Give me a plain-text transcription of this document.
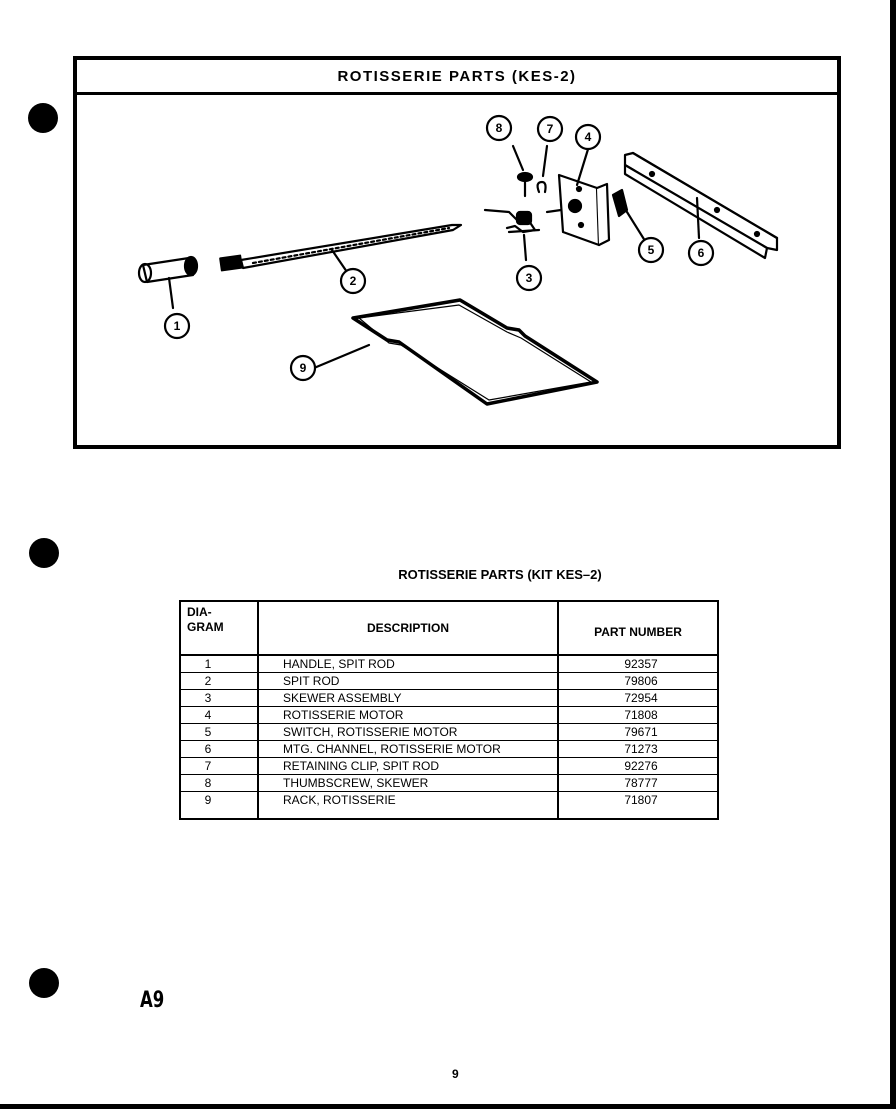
ROTISSERIE PARTS (KES-2)
1
2	3
4
5	6
7
8
9
ROTISSERIE PARTS (KIT KES–2)
DIA-
GRAM	DESCRIPTION	PART NUMBER
1	HANDLE, SPIT ROD	92357
2	SPIT ROD	79806
3	SKEWER ASSEMBLY	72954
4	ROTISSERIE MOTOR	71808
5	SWITCH, ROTISSERIE MOTOR	79671
6	MTG. CHANNEL, ROTISSERIE MOTOR	71273
7	RETAINING CLIP, SPIT ROD	92276
8	THUMBSCREW, SKEWER	78777
9	RACK, ROTISSERIE	71807
A9
9
